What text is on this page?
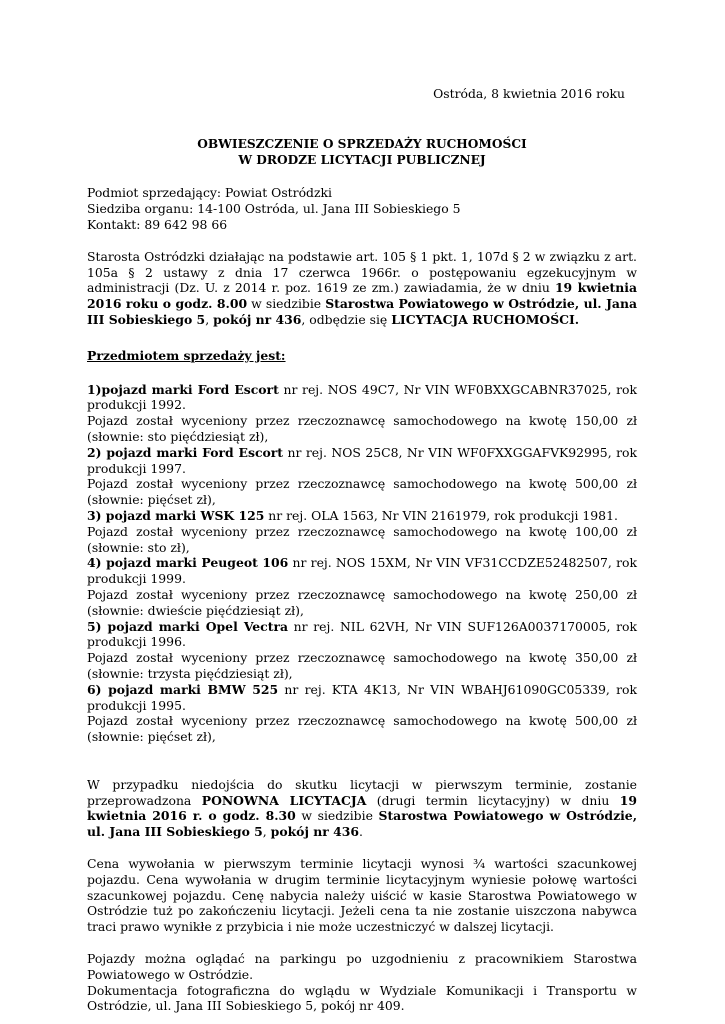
Ostróda, 8 kwietnia 2016 roku

OBWIESZCZENIE O SPRZEDAŻY RUCHOMOŚCI

W DRODZE LICYTACJI PUBLICZNEJ

Podmiot sprzedający: Powiat Ostródzki

Siedziba organu: 14-100 Ostróda, ul. Jana III Sobieskiego 5

Kontakt: 89 642 98 66

Starosta Ostródzki działając na podstawie art. 105 § 1 pkt. 1, 107d § 2 w związku z art. 105a § 2 ustawy z dnia 17 czerwca 1966r. o postępowaniu egzekucyjnym w administracji (Dz. U. z 2014 r. poz. 1619 ze zm.) zawiadamia, że w dniu 19 kwietnia 2016 roku o godz. 8.00 w siedzibie Starostwa Powiatowego w Ostródzie, ul. Jana III Sobieskiego 5, pokój nr 436, odbędzie się LICYTACJA RUCHOMOŚCI.

Przedmiotem sprzedaży jest:

1)pojazd marki Ford Escort nr rej. NOS 49C7, Nr VIN WF0BXXGCABNR37025, rok produkcji 1992.

Pojazd został wyceniony przez rzeczoznawcę samochodowego na kwotę 150,00 zł (słownie: sto pięćdziesiąt zł),

2) pojazd marki Ford Escort nr rej. NOS 25C8, Nr VIN WF0FXXGGAFVK92995, rok produkcji 1997.

Pojazd został wyceniony przez rzeczoznawcę samochodowego na kwotę 500,00 zł (słownie: pięćset zł),

3) pojazd marki WSK 125 nr rej. OLA 1563, Nr VIN 2161979, rok produkcji 1981.

Pojazd został wyceniony przez rzeczoznawcę samochodowego na kwotę 100,00 zł (słownie: sto zł),

4) pojazd marki Peugeot 106 nr rej. NOS 15XM, Nr VIN VF31CCDZE52482507, rok produkcji 1999.

Pojazd został wyceniony przez rzeczoznawcę samochodowego na kwotę 250,00 zł (słownie: dwieście pięćdziesiąt zł),

5) pojazd marki Opel Vectra nr rej. NIL 62VH, Nr VIN SUF126A0037170005, rok produkcji 1996.

Pojazd został wyceniony przez rzeczoznawcę samochodowego na kwotę 350,00 zł (słownie: trzysta pięćdziesiąt zł),

6) pojazd marki BMW 525 nr rej. KTA 4K13, Nr VIN WBAHJ61090GC05339, rok produkcji 1995.

Pojazd został wyceniony przez rzeczoznawcę samochodowego na kwotę 500,00 zł (słownie: pięćset zł),

W przypadku niedojścia do skutku licytacji w pierwszym terminie, zostanie przeprowadzona PONOWNA LICYTACJA (drugi termin licytacyjny) w dniu 19 kwietnia 2016 r. o godz. 8.30 w siedzibie Starostwa Powiatowego w Ostródzie, ul. Jana III Sobieskiego 5, pokój nr 436.

Cena wywołania w pierwszym terminie licytacji wynosi ¾ wartości szacunkowej pojazdu. Cena wywołania w drugim terminie licytacyjnym wyniesie połowę wartości szacunkowej pojazdu. Cenę nabycia należy uiścić w kasie Starostwa Powiatowego w Ostródzie tuż po zakończeniu licytacji. Jeżeli cena ta nie zostanie uiszczona nabywca traci prawo wynikłe z przybicia i nie może uczestniczyć w dalszej licytacji.

Pojazdy można oglądać na parkingu po uzgodnieniu z pracownikiem Starostwa Powiatowego w Ostródzie.

Dokumentacja fotograficzna do wglądu w Wydziale Komunikacji i Transportu w Ostródzie, ul. Jana III Sobieskiego 5, pokój nr 409.
